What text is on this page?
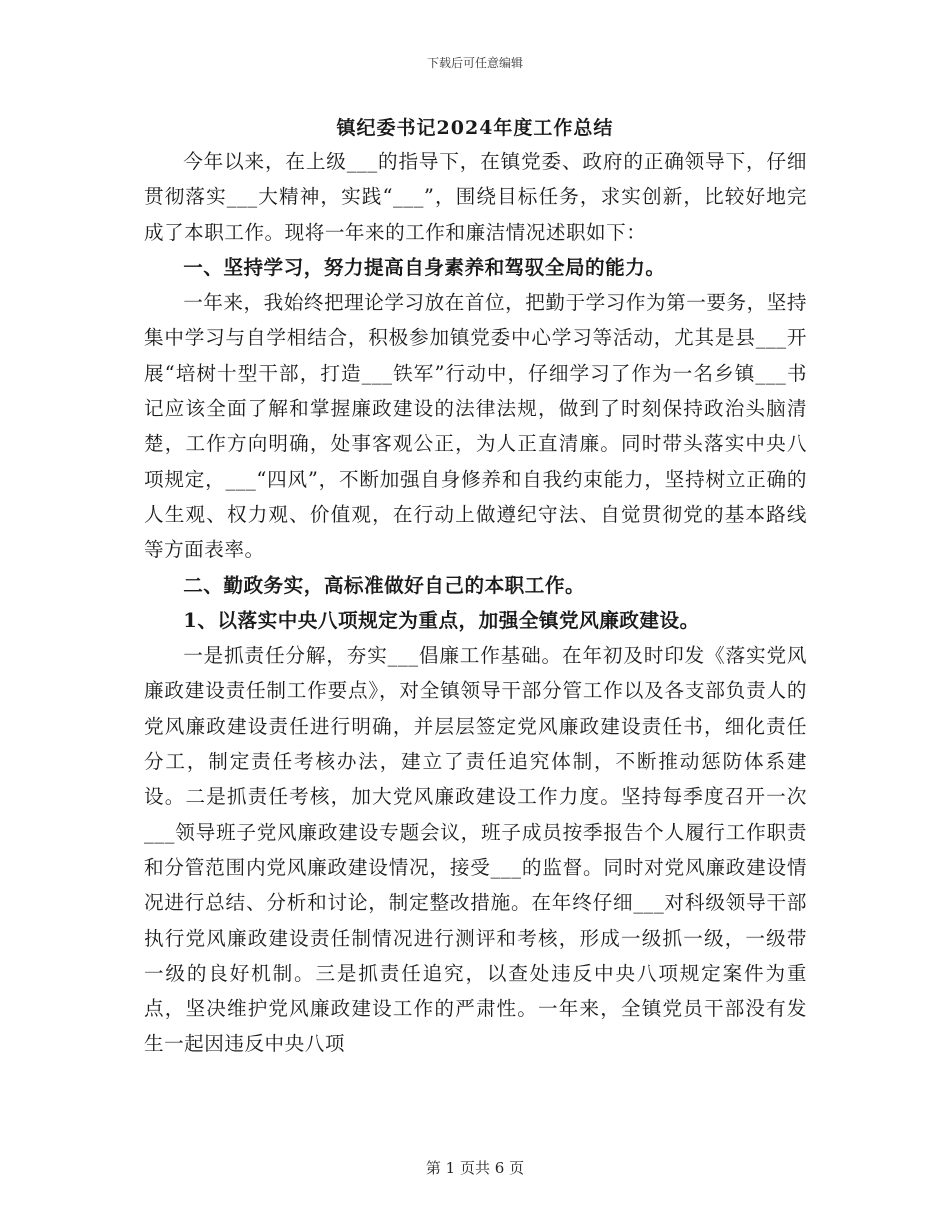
下载后可任意编辑
镇纪委书记2024年度工作总结

今年以来，在上级___的指导下，在镇党委、政府的正确领导下，仔细贯彻落实___大精神，实践“___”，围绕目标任务，求实创新，比较好地完成了本职工作。现将一年来的工作和廉洁情况述职如下：

一、坚持学习，努力提高自身素养和驾驭全局的能力。

一年来，我始终把理论学习放在首位，把勤于学习作为第一要务，坚持集中学习与自学相结合，积极参加镇党委中心学习等活动，尤其是县___开展“培树十型干部，打造___铁军”行动中，仔细学习了作为一名乡镇___书记应该全面了解和掌握廉政建设的法律法规，做到了时刻保持政治头脑清楚，工作方向明确，处事客观公正，为人正直清廉。同时带头落实中央八项规定，___“四风”，不断加强自身修养和自我约束能力，坚持树立正确的人生观、权力观、价值观，在行动上做遵纪守法、自觉贯彻党的基本路线等方面表率。

二、勤政务实，高标准做好自己的本职工作。

1、以落实中央八项规定为重点，加强全镇党风廉政建设。

一是抓责任分解，夯实___倡廉工作基础。在年初及时印发《落实党风廉政建设责任制工作要点》，对全镇领导干部分管工作以及各支部负责人的党风廉政建设责任进行明确，并层层签定党风廉政建设责任书，细化责任分工，制定责任考核办法，建立了责任追究体制，不断推动惩防体系建设。二是抓责任考核，加大党风廉政建设工作力度。坚持每季度召开一次___领导班子党风廉政建设专题会议，班子成员按季报告个人履行工作职责和分管范围内党风廉政建设情况，接受___的监督。同时对党风廉政建设情况进行总结、分析和讨论，制定整改措施。在年终仔细___对科级领导干部执行党风廉政建设责任制情况进行测评和考核，形成一级抓一级，一级带一级的良好机制。三是抓责任追究，以查处违反中央八项规定案件为重点，坚决维护党风廉政建设工作的严肃性。一年来，全镇党员干部没有发生一起因违反中央八项

第 1 页共 6 页
